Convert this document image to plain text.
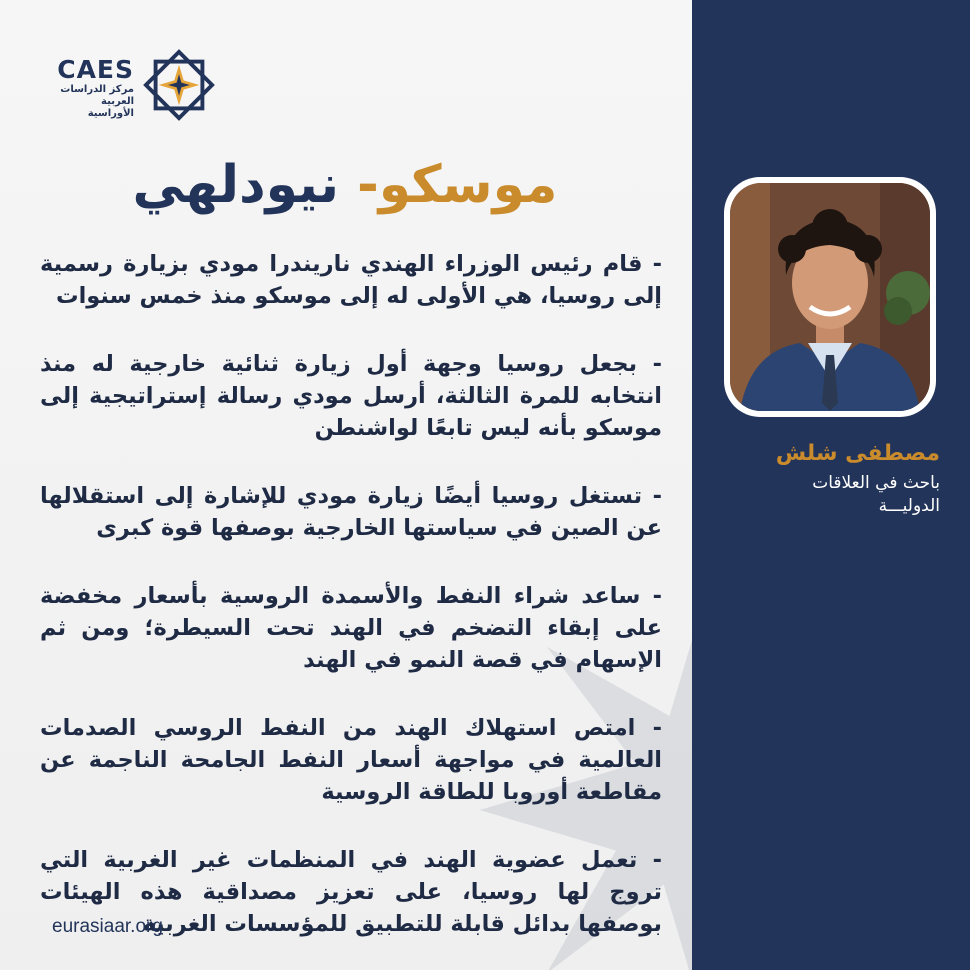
CAES
مركز الدراسات
العربية الأوراسية
موسكو- نيودلهي

- قام رئيس الوزراء الهندي ناريندرا مودي بزيارة رسمية إلى روسيا، هي الأولى له إلى موسكو منذ خمس سنوات

- بجعل روسيا وجهة أول زيارة ثنائية خارجية له منذ انتخابه للمرة الثالثة، أرسل مودي رسالة إستراتيجية إلى موسكو بأنه ليس تابعًا لواشنطن

- تستغل روسيا أيضًا زيارة مودي للإشارة إلى استقلالها عن الصين في سياستها الخارجية بوصفها قوة كبرى

- ساعد شراء النفط والأسمدة الروسية بأسعار مخفضة على إبقاء التضخم في الهند تحت السيطرة؛ ومن ثم الإسهام في قصة النمو في الهند

- امتص استهلاك الهند من النفط الروسي الصدمات العالمية في مواجهة أسعار النفط الجامحة الناجمة عن مقاطعة أوروبا للطاقة الروسية

- تعمل عضوية الهند في المنظمات غير الغربية التي تروج لها روسيا، على تعزيز مصداقية هذه الهيئات بوصفها بدائل قابلة للتطبيق للمؤسسات الغربية

eurasiaar.org
مصطفى شلش
باحث في العلاقات
الدوليـــة
